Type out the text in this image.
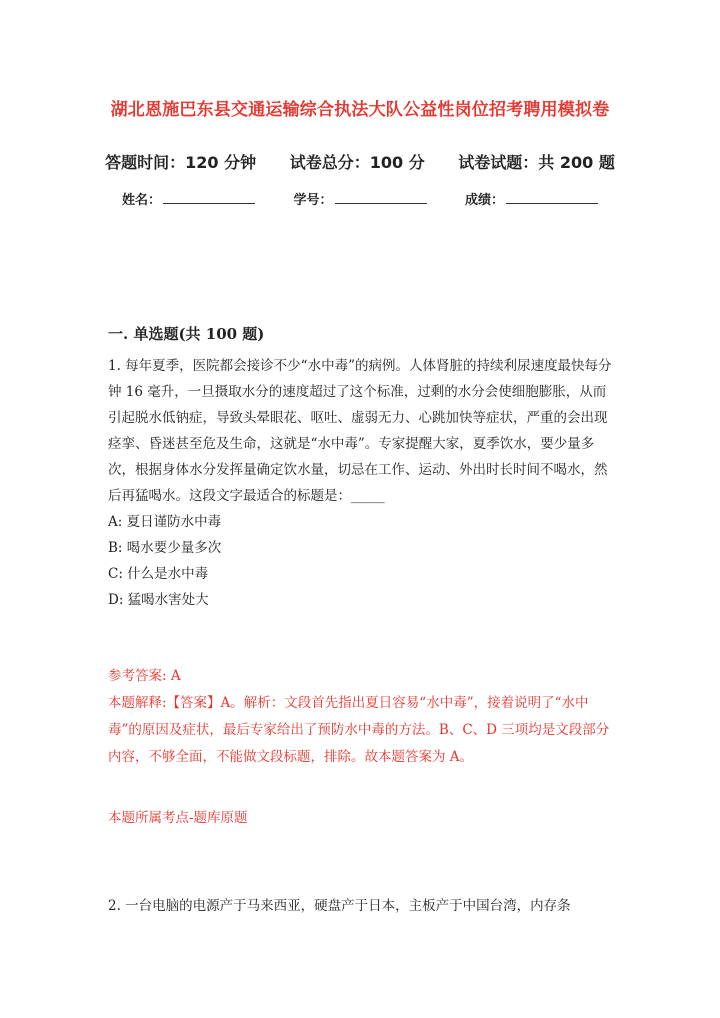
湖北恩施巴东县交通运输综合执法大队公益性岗位招考聘用模拟卷
答题时间：120 分钟 试卷总分：100 分 试卷试题：共 200 题
姓名：	学号：	成绩：
一. 单选题(共 100 题)
1. 每年夏季，医院都会接诊不少“水中毒”的病例。人体肾脏的持续利尿速度最快每分钟 16 毫升，一旦摄取水分的速度超过了这个标准，过剩的水分会使细胞膨胀，从而引起脱水低钠症，导致头晕眼花、呕吐、虚弱无力、心跳加快等症状，严重的会出现痉挛、昏迷甚至危及生命，这就是“水中毒”。专家提醒大家，夏季饮水，要少量多次，根据身体水分发挥量确定饮水量，切忌在工作、运动、外出时长时间不喝水，然后再猛喝水。这段文字最适合的标题是：_____
A: 夏日谨防水中毒
B: 喝水要少量多次
C: 什么是水中毒
D: 猛喝水害处大
参考答案: A
本题解释:【答案】A。解析：文段首先指出夏日容易“水中毒”，接着说明了“水中毒”的原因及症状，最后专家给出了预防水中毒的方法。B、C、D 三项均是文段部分内容，不够全面，不能做文段标题，排除。故本题答案为 A。
本题所属考点-题库原题
2. 一台电脑的电源产于马来西亚，硬盘产于日本，主板产于中国台湾，内存条
